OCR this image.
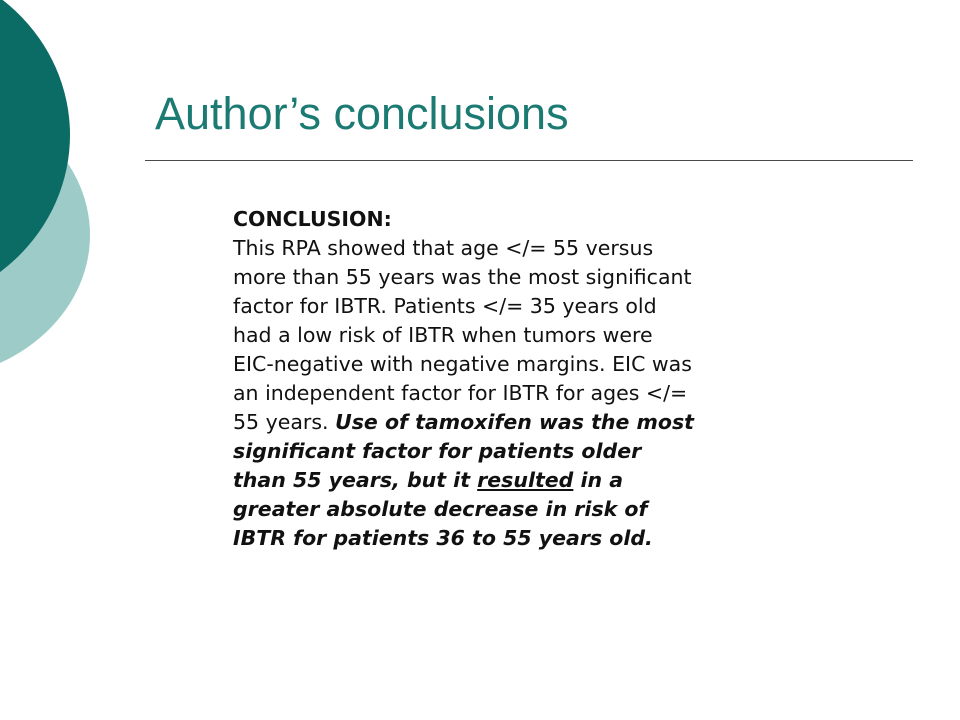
Author’s conclusions
CONCLUSION:
This RPA showed that age </= 55 versus more than 55 years was the most significant factor for IBTR. Patients </= 35 years old had a low risk of IBTR when tumors were EIC-negative with negative margins. EIC was an independent factor for IBTR for ages </= 55 years. Use of tamoxifen was the most significant factor for patients older than 55 years, but it resulted in a greater absolute decrease in risk of IBTR for patients 36 to 55 years old.
